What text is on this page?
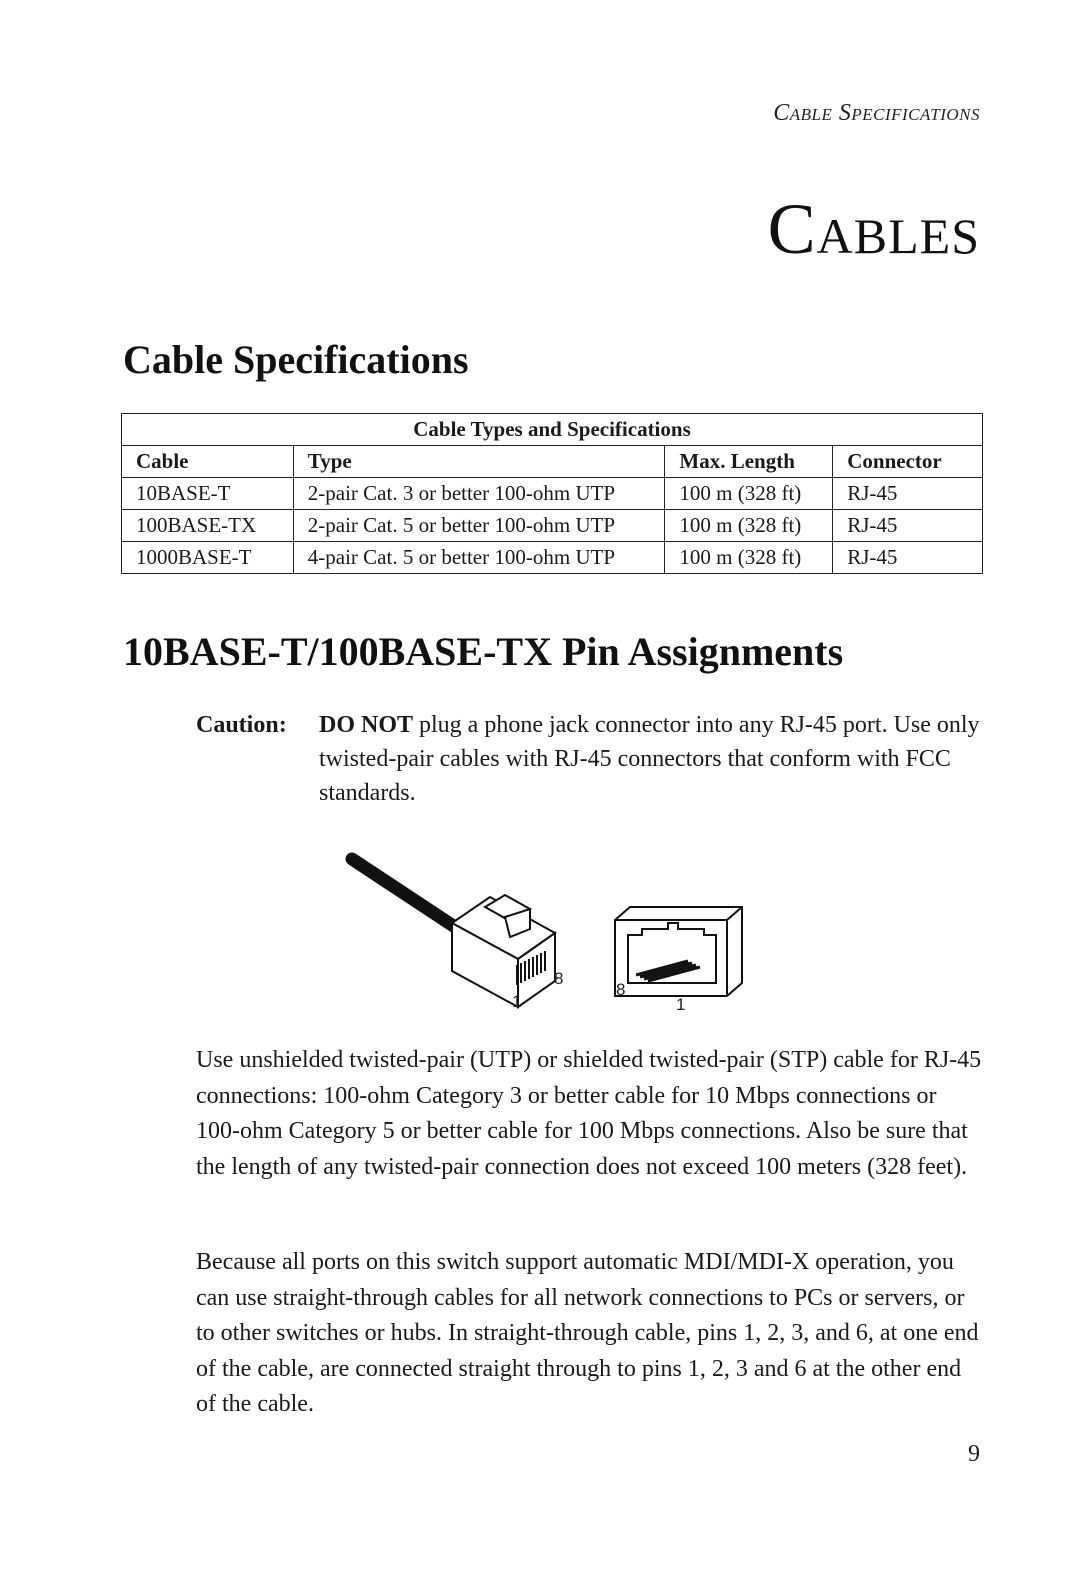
Cable Specifications
Cables
Cable Specifications
Cable Types and Specifications			
Cable	Type	Max. Length	Connector
10BASE-T	2-pair Cat. 3 or better 100-ohm UTP	100 m (328 ft)	RJ-45
100BASE-TX	2-pair Cat. 5 or better 100-ohm UTP	100 m (328 ft)	RJ-45
1000BASE-T	4-pair Cat. 5 or better 100-ohm UTP	100 m (328 ft)	RJ-45
10BASE-T/100BASE-TX Pin Assignments
Caution: DO NOT plug a phone jack connector into any RJ-45 port. Use only twisted-pair cables with RJ-45 connectors that conform with FCC standards.
1
8
8
1
Use unshielded twisted-pair (UTP) or shielded twisted-pair (STP) cable for RJ-45 connections: 100-ohm Category 3 or better cable for 10 Mbps connections or 100-ohm Category 5 or better cable for 100 Mbps connections. Also be sure that the length of any twisted-pair connection does not exceed 100 meters (328 feet).
Because all ports on this switch support automatic MDI/MDI-X operation, you can use straight-through cables for all network connections to PCs or servers, or to other switches or hubs. In straight-through cable, pins 1, 2, 3, and 6, at one end of the cable, are connected straight through to pins 1, 2, 3 and 6 at the other end of the cable.
9
